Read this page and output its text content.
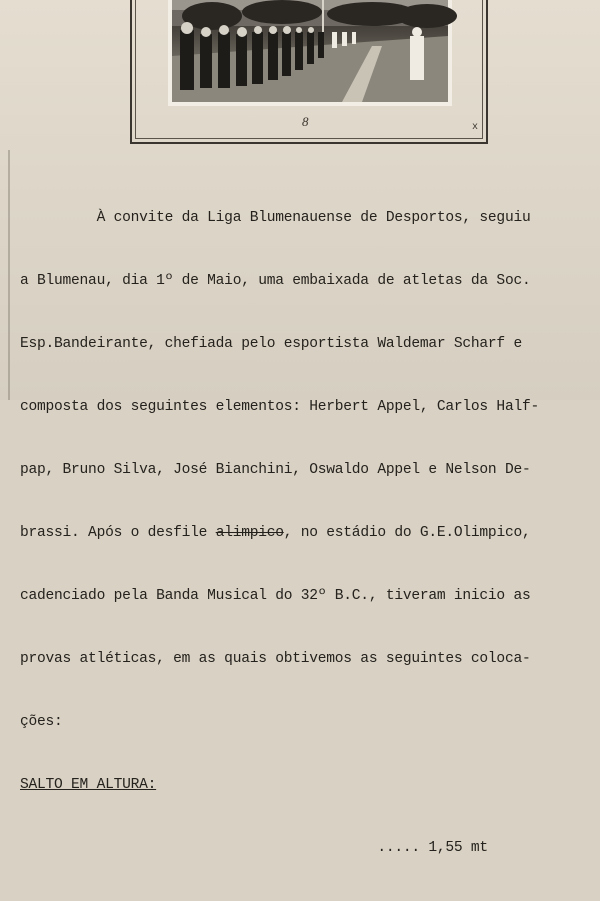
8	x

À convite da Liga Blumenauense de Desportos, seguiu

a Blumenau, dia 1º de Maio, uma embaixada de atletas da Soc.

Esp.Bandeirante, chefiada pelo esportista Waldemar Scharf e

composta dos seguintes elementos: Herbert Appel, Carlos Half-

pap, Bruno Silva, José Bianchini, Oswaldo Appel e Nelson De-

brassi. Após o desfile alimpico, no estádio do G.E.Olimpico,

cadenciado pela Banda Musical do 32º B.C., tiveram inicio as

provas atléticas, em as quais obtivemos as seguintes coloca-

ções:

SALTO EM ALTURA:

..... 1,55 mt
